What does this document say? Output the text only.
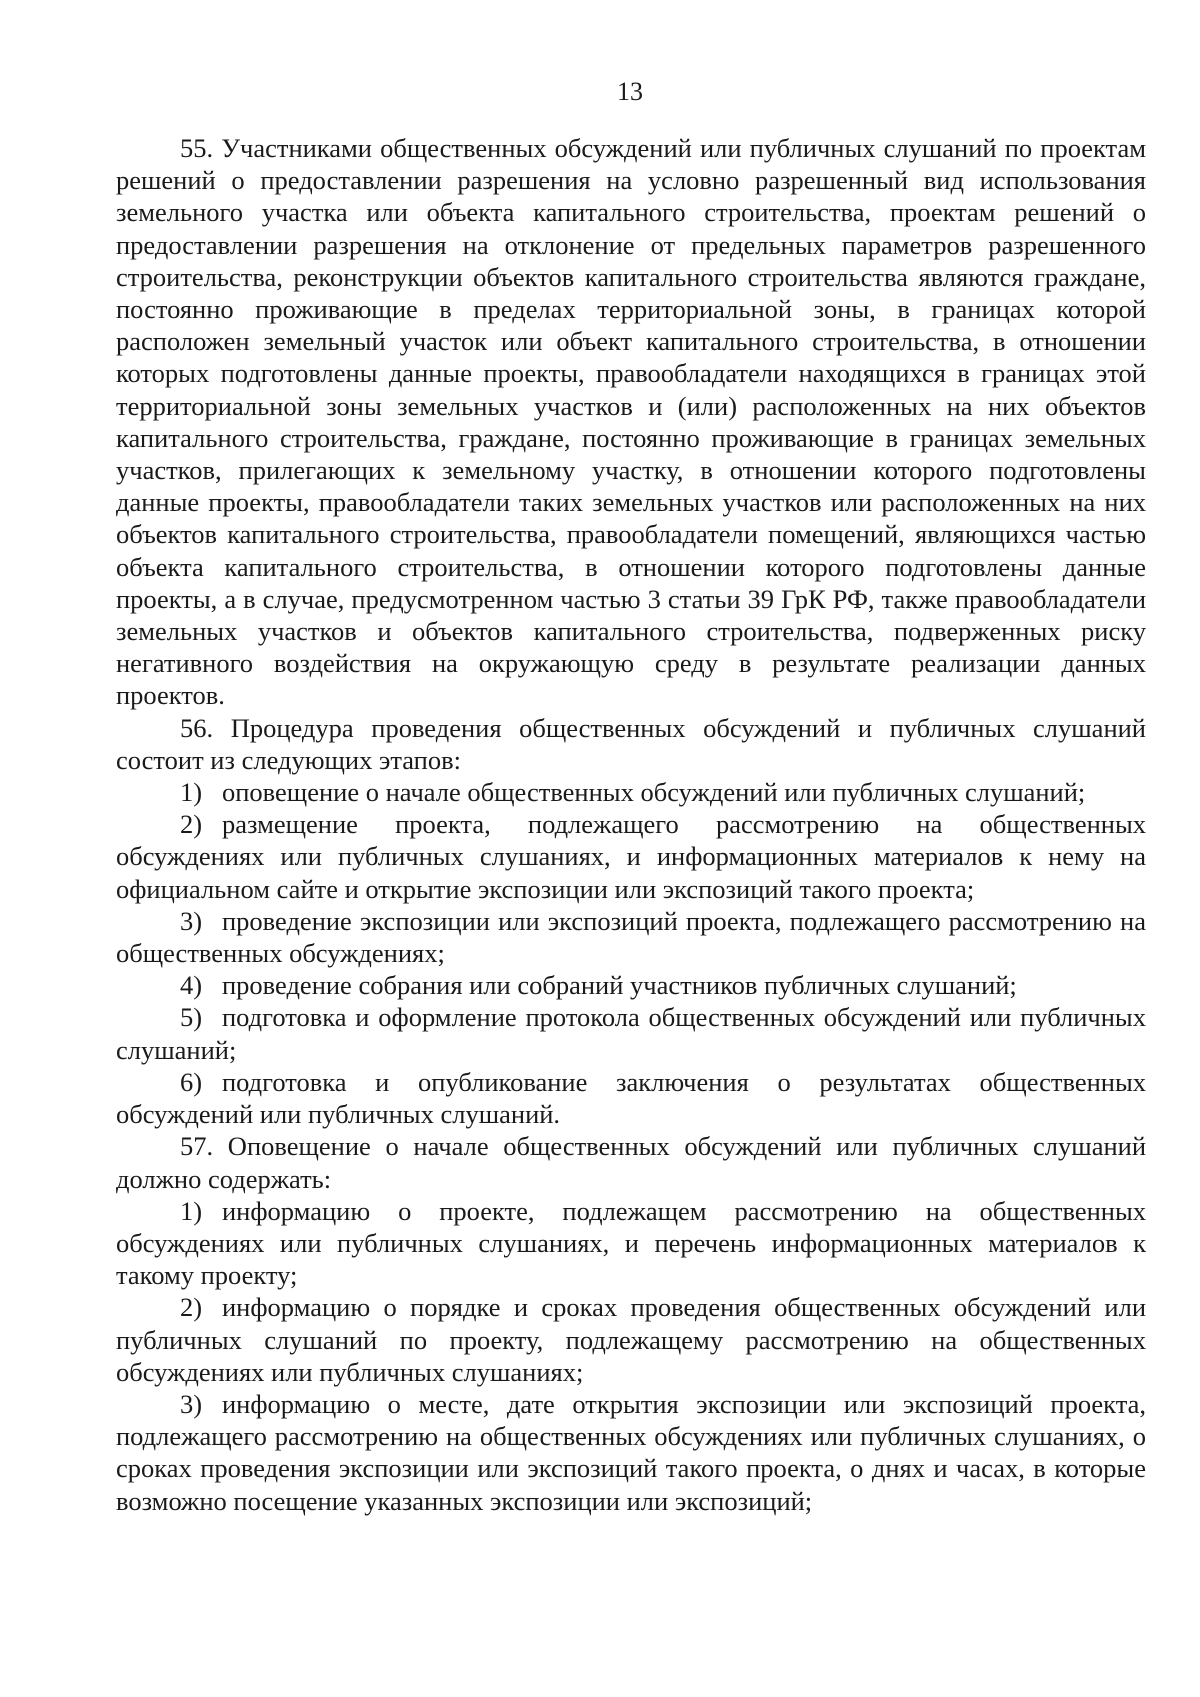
13

55. Участниками общественных обсуждений или публичных слушаний по проектам решений о предоставлении разрешения на условно разрешенный вид использования земельного участка или объекта капитального строительства, проектам решений о предоставлении разрешения на отклонение от предельных параметров разрешенного строительства, реконструкции объектов капитального строительства являются граждане, постоянно проживающие в пределах территориальной зоны, в границах которой расположен земельный участок или объект капитального строительства, в отношении которых подготовлены данные проекты, правообладатели находящихся в границах этой территориальной зоны земельных участков и (или) расположенных на них объектов капитального строительства, граждане, постоянно проживающие в границах земельных участков, прилегающих к земельному участку, в отношении которого подготовлены данные проекты, правообладатели таких земельных участков или расположенных на них объектов капитального строительства, правообладатели помещений, являющихся частью объекта капитального строительства, в отношении которого подготовлены данные проекты, а в случае, предусмотренном частью 3 статьи 39 ГрК РФ, также правообладатели земельных участков и объектов капитального строительства, подверженных риску негативного воздействия на окружающую среду в результате реализации данных проектов.

56. Процедура проведения общественных обсуждений и публичных слушаний состоит из следующих этапов:

1) оповещение о начале общественных обсуждений или публичных слушаний;

2) размещение проекта, подлежащего рассмотрению на общественных обсуждениях или публичных слушаниях, и информационных материалов к нему на официальном сайте и открытие экспозиции или экспозиций такого проекта;

3) проведение экспозиции или экспозиций проекта, подлежащего рассмотрению на общественных обсуждениях;

4) проведение собрания или собраний участников публичных слушаний;

5) подготовка и оформление протокола общественных обсуждений или публичных слушаний;

6) подготовка и опубликование заключения о результатах общественных обсуждений или публичных слушаний.

57. Оповещение о начале общественных обсуждений или публичных слушаний должно содержать:

1) информацию о проекте, подлежащем рассмотрению на общественных обсуждениях или публичных слушаниях, и перечень информационных материалов к такому проекту;

2) информацию о порядке и сроках проведения общественных обсуждений или публичных слушаний по проекту, подлежащему рассмотрению на общественных обсуждениях или публичных слушаниях;

3) информацию о месте, дате открытия экспозиции или экспозиций проекта, подлежащего рассмотрению на общественных обсуждениях или публичных слушаниях, о сроках проведения экспозиции или экспозиций такого проекта, о днях и часах, в которые возможно посещение указанных экспозиции или экспозиций;
